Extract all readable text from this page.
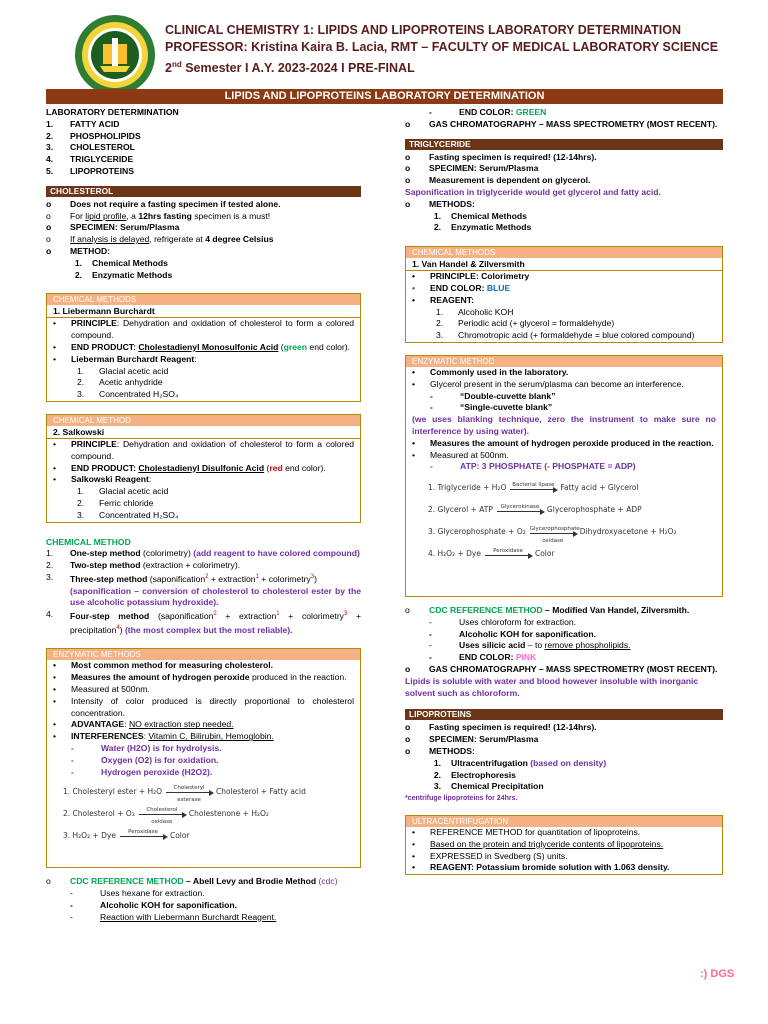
CLINICAL CHEMISTRY 1: LIPIDS AND LIPOPROTEINS LABORATORY DETERMINATION
PROFESSOR: Kristina Kaira B. Lacia, RMT – FACULTY OF MEDICAL LABORATORY SCIENCE
2nd Semester I A.Y. 2023-2024 I PRE-FINAL
LIPIDS AND LIPOPROTEINS LABORATORY DETERMINATION
LABORATORY DETERMINATION
1.	FATTY ACID
2.	PHOSPHOLIPIDS
3.	CHOLESTEROL
4.	TRIGLYCERIDE
5.	LIPOPROTEINS
CHOLESTEROL
o	Does not require a fasting specimen if tested alone.
o	For lipid profile, a 12hrs fasting specimen is a must!
o	SPECIMEN: Serum/Plasma
o	If analysis is delayed, refrigerate at 4 degree Celsius
o	METHOD:
1.	Chemical Methods
2.	Enzymatic Methods
CHEMICAL METHODS
1. Liebermann Burchardt
•	PRINCIPLE: Dehydration and oxidation of cholesterol to form a colored compound.
•	END PRODUCT: Cholestadienyl Monosulfonic Acid (green end color).
•	Lieberman Burchardt Reagent:
1.	Glacial acetic acid
2.	Acetic anhydride
3.	Concentrated H₂SO₄
CHEMICAL METHOD
2. Salkowski
•	PRINCIPLE: Dehydration and oxidation of cholesterol to form a colored compound.
•	END PRODUCT: Cholestadienyl Disulfonic Acid (red end color).
•	Salkowski Reagent:
1.	Glacial acetic acid
2.	Ferric chloride
3.	Concentrated H₂SO₄
CHEMICAL METHOD
1.	One-step method (colorimetry) (add reagent to have colored compound)
2.	Two-step method (extraction + colorimetry).
3.	Three-step method (saponification$^2$ + extraction$^1$ + colorimetry$^3$)
(saponification – conversion of cholesterol to cholesterol ester by the use alcoholic potassium hydroxide).
4.	Four-step method (saponification$^2$ + extraction$^1$ + colorimetry$^3$ + precipitation$^4$) (the most complex but the most reliable).
ENZYMATIC METHODS
•	Most common method for measuring cholesterol.
•	Measures the amount of hydrogen peroxide produced in the reaction.
•	Measured at 500nm.
•	Intensity of color produced is directly proportional to cholesterol concentration.
•	ADVANTAGE: NO extraction step needed.
•	INTERFERENCES: Vitamin C, Bilirubin, Hemoglobin.
-	Water (H2O) is for hydrolysis.
-	Oxygen (O2) is for oxidation.
-	Hydrogen peroxide (H2O2).
1. Cholesteryl ester + H₂O	Cholesteryl esterase
Cholesterol + Fatty acid
2. Cholesterol + O₂	Cholesterol oxidase
Cholestenone + H₂O₂
3. H₂O₂ + Dye	Peroxidase	Color
o	CDC REFERENCE METHOD – Abell Levy and Brodie Method (cdc)
-	Uses hexane for extraction.
-	Alcoholic KOH for saponification.
-	Reaction with Liebermann Burchardt Reagent.
-	END COLOR: GREEN
o	GAS CHROMATOGRAPHY – MASS SPECTROMETRY (MOST RECENT).
TRIGLYCERIDE
o	Fasting specimen is required! (12-14hrs).
o	SPECIMEN: Serum/Plasma
o	Measurement is dependent on glycerol.
Saponification in triglyceride would get glycerol and fatty acid.
o	METHODS:
1.	Chemical Methods
2.	Enzymatic Methods
CHEMICAL METHODS
1. Van Handel & Zilversmith
•	PRINCIPLE: Colorimetry
•	END COLOR: BLUE
•	REAGENT:
1.	Alcoholic KOH
2.	Periodic acid (+ glycerol = formaldehyde)
3.	Chromotropic acid (+ formaldehyde = blue colored compound)
ENZYMATIC METHOD
•	Commonly used in the laboratory.
•	Glycerol present in the serum/plasma can become an interference.
-	“Double-cuvette blank”
-	“Single-cuvette blank”
(we uses blanking technique, zero the instrument to make sure no interference by using water).
•	Measures the amount of hydrogen peroxide produced in the reaction.
•	Measured at 500nm.
-	ATP: 3 PHOSPHATE (- PHOSPHATE = ADP)
1. Triglyceride + H₂O	Bacterial lipase Fatty acid + Glycerol
2. Glycerol + ATP	Glycerokinase	Glycerophosphate + ADP
3. Glycerophosphate + O₂ Glycerophosphate oxidase
Dihydroxyacetone + H₂O₂
4. H₂O₂ + Dye	Peroxidase	Color
o	CDC REFERENCE METHOD – Modified Van Handel, Zilversmith.
-	Uses chloroform for extraction.
-	Alcoholic KOH for saponification.
-	Uses silicic acid – to remove phospholipids.
-	END COLOR: PINK
o	GAS CHROMATOGRAPHY – MASS SPECTROMETRY (MOST RECENT).
Lipids is soluble with water and blood however insoluble with inorganic solvent such as chloroform.
LIPOPROTEINS
o	Fasting specimen is required! (12-14hrs).
o	SPECIMEN: Serum/Plasma
o	METHODS:
1.	Ultracentrifugation (based on density)
2.	Electrophoresis
3.	Chemical Precipitation
*centrifuge lipoproteins for 24hrs.
ULTRACENTRIFUGATION
•	REFERENCE METHOD for quantitation of lipoproteins.
•	Based on the protein and triglyceride contents of lipoproteins.
•	EXPRESSED in Svedberg (S) units.
•	REAGENT: Potassium bromide solution with 1.063 density.
:) DGS
